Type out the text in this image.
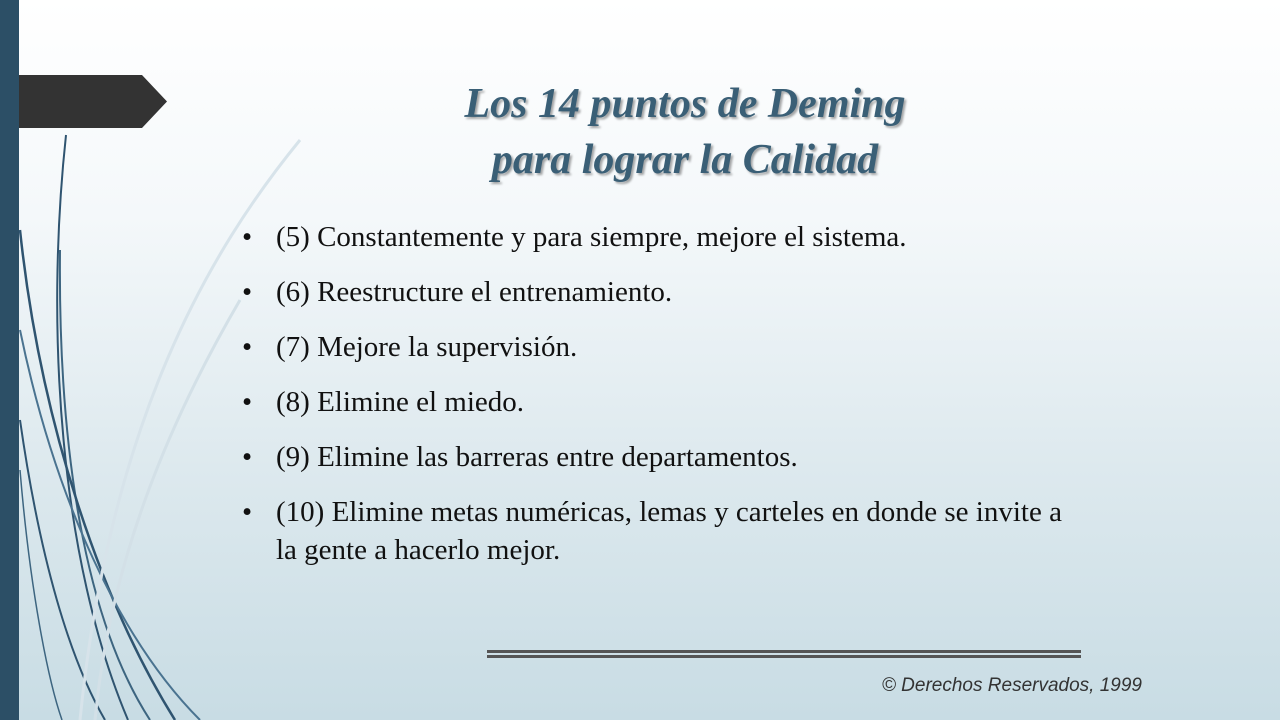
Los 14 puntos de Deming
para lograr la Calidad
• (5) Constantemente y para siempre, mejore el sistema.
• (6) Reestructure el entrenamiento.
• (7) Mejore la supervisión.
• (8) Elimine el miedo.
• (9) Elimine las barreras entre departamentos.
• (10) Elimine metas numéricas, lemas y carteles en donde se invite a la gente a hacerlo mejor.
© Derechos Reservados, 1999
